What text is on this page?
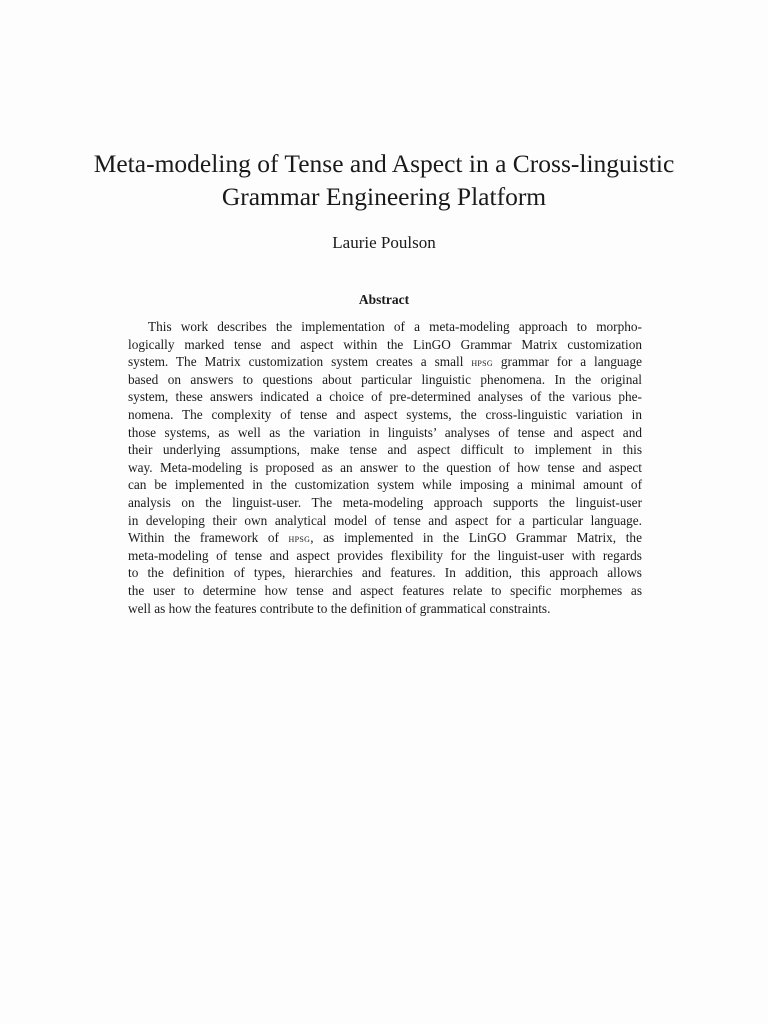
Meta-modeling of Tense and Aspect in a Cross-linguistic
Grammar Engineering Platform

Laurie Poulson

Abstract
This work describes the implementation of a meta-modeling approach to morpho-
logically marked tense and aspect within the LinGO Grammar Matrix customization
system. The Matrix customization system creates a small hpsg grammar for a language
based on answers to questions about particular linguistic phenomena. In the original
system, these answers indicated a choice of pre-determined analyses of the various phe-
nomena. The complexity of tense and aspect systems, the cross-linguistic variation in
those systems, as well as the variation in linguists’ analyses of tense and aspect and
their underlying assumptions, make tense and aspect difficult to implement in this
way. Meta-modeling is proposed as an answer to the question of how tense and aspect
can be implemented in the customization system while imposing a minimal amount of
analysis on the linguist-user. The meta-modeling approach supports the linguist-user
in developing their own analytical model of tense and aspect for a particular language.
Within the framework of hpsg, as implemented in the LinGO Grammar Matrix, the
meta-modeling of tense and aspect provides flexibility for the linguist-user with regards
to the definition of types, hierarchies and features. In addition, this approach allows
the user to determine how tense and aspect features relate to specific morphemes as
well as how the features contribute to the definition of grammatical constraints.
